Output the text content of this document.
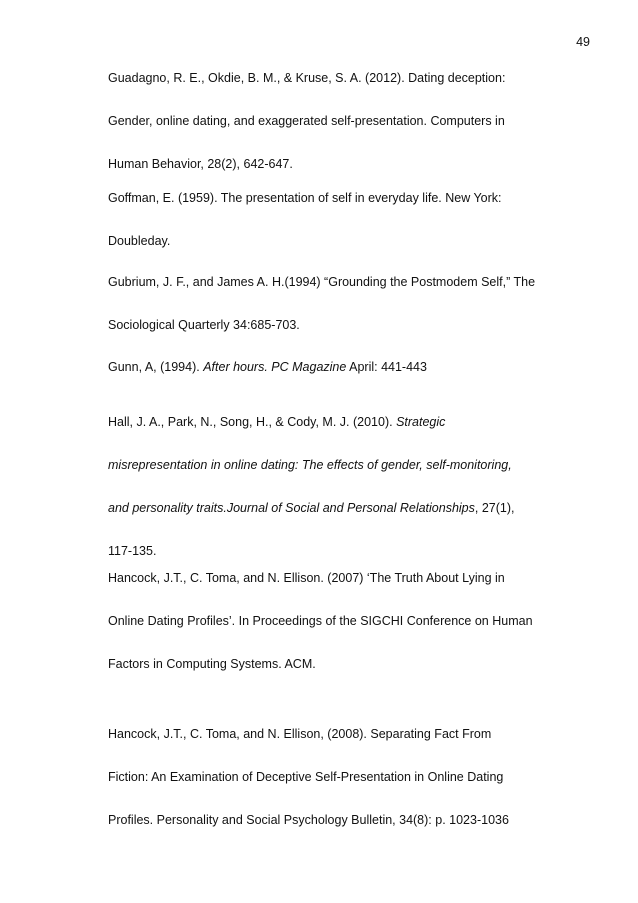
49
Guadagno, R. E., Okdie, B. M., & Kruse, S. A. (2012). Dating deception:
Gender, online dating, and exaggerated self-presentation. Computers in
Human Behavior, 28(2), 642-647.
Goffman, E. (1959). The presentation of self in everyday life. New York:
Doubleday.
Gubrium, J. F., and James A. H.(1994) “Grounding the Postmodem Self,” The
Sociological Quarterly 34:685-703.
Gunn, A, (1994). After hours. PC Magazine April: 441-443
Hall, J. A., Park, N., Song, H., & Cody, M. J. (2010). Strategic
misrepresentation in online dating: The effects of gender, self-monitoring,
and personality traits.Journal of Social and Personal Relationships, 27(1),
117-135.
Hancock, J.T., C. Toma, and N. Ellison. (2007) ‘The Truth About Lying in
Online Dating Profiles’. In Proceedings of the SIGCHI Conference on Human
Factors in Computing Systems. ACM.
Hancock, J.T., C. Toma, and N. Ellison, (2008). Separating Fact From
Fiction: An Examination of Deceptive Self-Presentation in Online Dating
Profiles. Personality and Social Psychology Bulletin, 34(8): p. 1023-1036
